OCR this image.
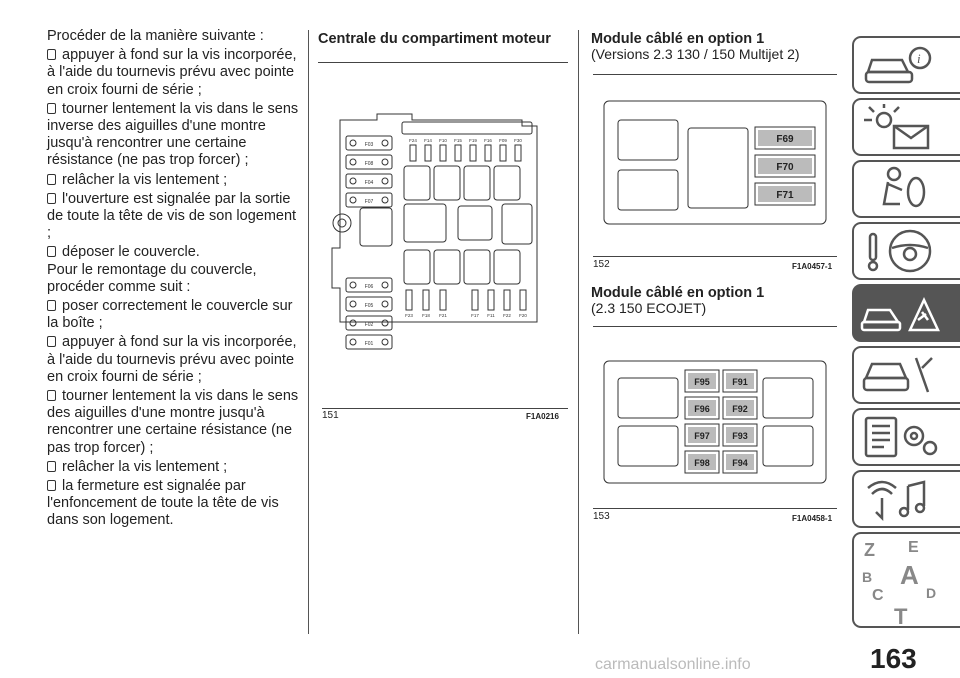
Procéder de la manière suivante :

appuyer à fond sur la vis incorporée, à l'aide du tournevis prévu avec pointe en croix fourni de série ;

tourner lentement la vis dans le sens inverse des aiguilles d'une montre jusqu'à rencontrer une certaine résistance (ne pas trop forcer) ;

relâcher la vis lentement ;

l'ouverture est signalée par la sortie de toute la tête de vis de son logement ;

déposer le couvercle.

Pour le remontage du couvercle, procéder comme suit :

poser correctement le couvercle sur la boîte ;

appuyer à fond sur la vis incorporée, à l'aide du tournevis prévu avec pointe en croix fourni de série ;

tourner lentement la vis dans le sens des aiguilles d'une montre jusqu'à rencontrer une certaine résistance (ne pas trop forcer) ;

relâcher la vis lentement ;

la fermeture est signalée par l'enfoncement de toute la tête de vis dans son logement.

Centrale du compartiment moteur
F03
F08
F04
F07
F06
F05
F02
F01
F24 F14 F10 F15 F19 F16 F09 F30
F23 F18 F21	F17 F11 F22 F20
151	F1A0216
Module câblé en option 1
(Versions 2.3 130 / 150 Multijet 2)
F69
F70
F71
152	F1A0457-1
Module câblé en option 1
(2.3 150 ECOJET)
F95 F91
F96 F92
F97 F93
F98 F94
153	F1A0458-1
i
Z E
B A
C	D
T
163
carmanualsonline.info
